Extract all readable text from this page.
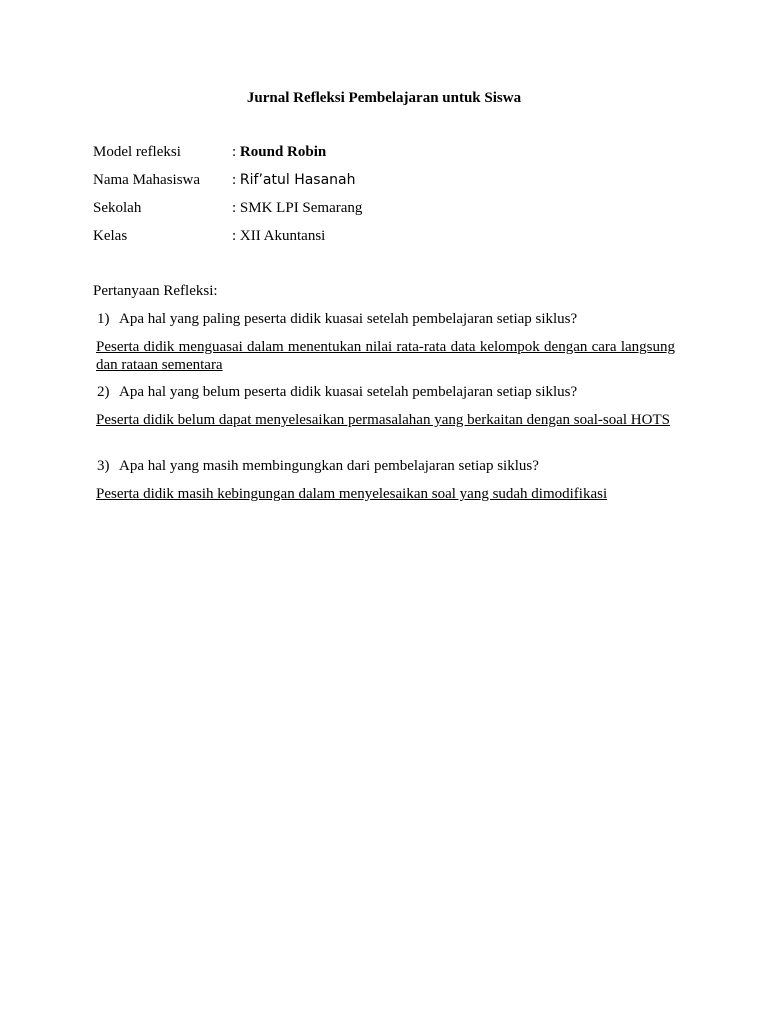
Jurnal Refleksi Pembelajaran untuk Siswa
Model refleksi	: Round Robin
Nama Mahasiswa : Rif’atul Hasanah
Sekolah	: SMK LPI Semarang
Kelas	: XII Akuntansi
Pertanyaan Refleksi:
1) Apa hal yang paling peserta didik kuasai setelah pembelajaran setiap siklus?
Peserta didik menguasai dalam menentukan nilai rata-rata data kelompok dengan cara langsung dan rataan sementara
2) Apa hal yang belum peserta didik kuasai setelah pembelajaran setiap siklus?
Peserta didik belum dapat menyelesaikan permasalahan yang berkaitan dengan soal-soal HOTS
3) Apa hal yang masih membingungkan dari pembelajaran setiap siklus?
Peserta didik masih kebingungan dalam menyelesaikan soal yang sudah dimodifikasi
